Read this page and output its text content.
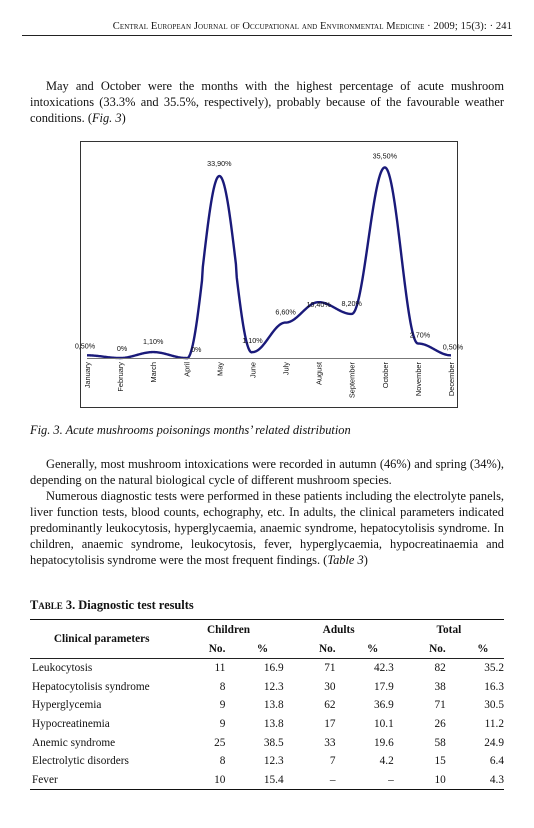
Central European Journal of Occupational and Environmental Medicine · 2009; 15(3): · 241

May and October were the months with the highest percentage of acute mushroom intoxications (33.3% and 35.5%, respectively), probably because of the favourable weather conditions. (Fig. 3)

0,50%	0%
1,10%
0%
33,90%
1,10%
6,60%
10,40% 8,20%
35,50%
2,70%
0,50%
January	February	March	April	May	June	July	August	September	October	November	December
Fig. 3. Acute mushrooms poisonings months’ related distribution

Generally, most mushroom intoxications were recorded in autumn (46%) and spring (34%), depending on the natural biological cycle of different mushroom species.

Numerous diagnostic tests were performed in these patients including the electrolyte panels, liver function tests, blood counts, echography, etc. In adults, the clinical parameters indicated predominantly leukocytosis, hyperglycaemia, anaemic syndrome, hepatocytolisis syndrome. In children, anaemic syndrome, leukocytosis, fever, hyperglycaemia, hypocreatinaemia and hepatocytolisis syndrome were the most frequent findings. (Table 3)

Table 3. Diagnostic test results
Clinical parameters	Children		Adults		Total	
	No.	%	No.	%	No.	%
Leukocytosis	11	16.9	71	42.3	82	35.2
Hepatocytolisis syndrome	8	12.3	30	17.9	38	16.3
Hyperglycemia	9	13.8	62	36.9	71	30.5
Hypocreatinemia	9	13.8	17	10.1	26	11.2
Anemic syndrome	25	38.5	33	19.6	58	24.9
Electrolytic disorders	8	12.3	7	4.2	15	6.4
Fever	10	15.4	–	–	10	4.3
